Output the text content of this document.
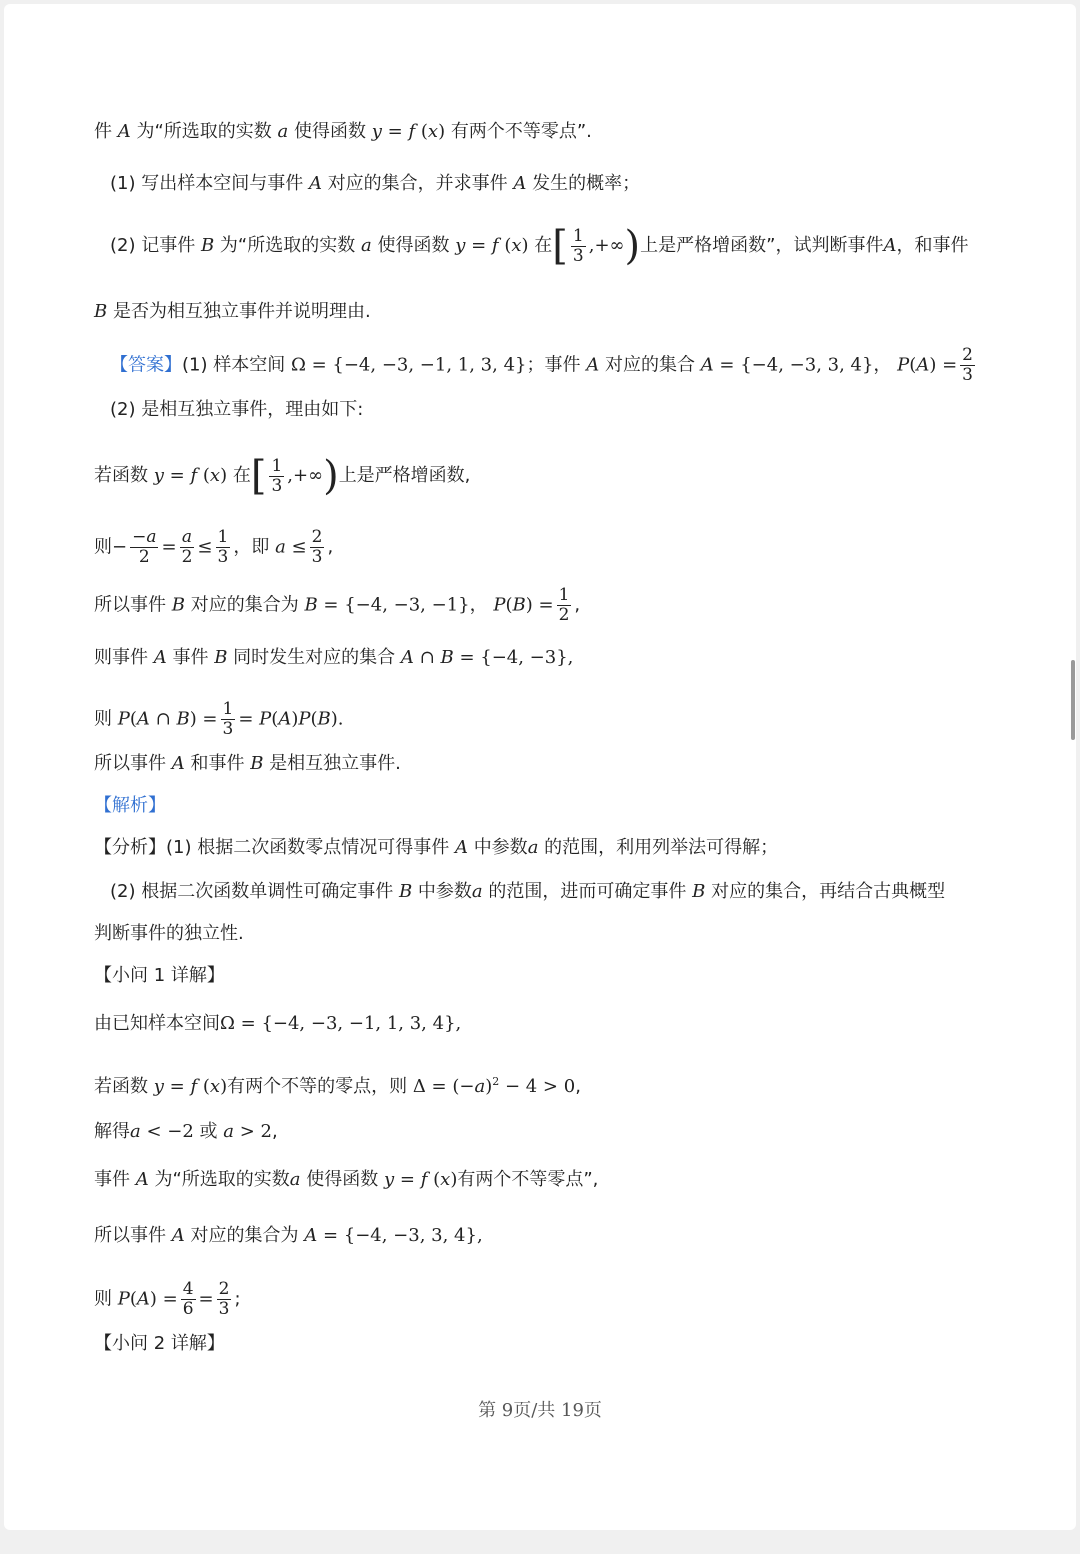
件 A 为“所选取的实数 a 使得函数 y = f (x) 有两个不等零点”.
(1) 写出样本空间与事件 A 对应的集合，并求事件 A 发生的概率；
(2) 记事件 B 为“所选取的实数 a 使得函数 y = f (x) 在[ $\frac{1}{3}$ ,+∞)上是严格增函数”，试判断事件A，和事件
B 是否为相互独立事件并说明理由.
【答案】(1) 样本空间 Ω = {−4, −3, −1, 1, 3, 4}；事件 A 对应的集合 A = {−4, −3, 3, 4}， $P(A) = \frac{2}{3}$
(2) 是相互独立事件，理由如下:
若函数 y = f (x) 在[ $\frac{1}{3}$ ,+∞)上是严格增函数,
则− $\frac{-a}{2} = \frac{a}{2} \le \frac{1}{3}$ ，即 $a \le \frac{2}{3}$ ,
所以事件 B 对应的集合为 B = {−4, −3, −1}， $P(B) = \frac{1}{2}$ ,
则事件 A 事件 B 同时发生对应的集合 A ∩ B = {−4, −3},
则 P(A ∩ $B) = \frac{1}{3} = P(A)P(B)$.
所以事件 A 和事件 B 是相互独立事件.
【解析】
【分析】(1) 根据二次函数零点情况可得事件 A 中参数a 的范围，利用列举法可得解；
(2) 根据二次函数单调性可确定事件 B 中参数a 的范围，进而可确定事件 B 对应的集合，再结合古典概型
判断事件的独立性.
【小问 1 详解】
由已知样本空间Ω = {−4, −3, −1, 1, 3, 4},
若函数 y = f (x)有两个不等的零点，则 $\Delta = (-a)^2 - 4 > 0$,
解得a < −2 或 a > 2,
事件 A 为“所选取的实数a 使得函数 y = f (x)有两个不等零点”,
所以事件 A 对应的集合为 A = {−4, −3, 3, 4},
则 $P(A) = \frac{4}{6} = \frac{2}{3}$ ;
【小问 2 详解】
第 9页/共 19页
